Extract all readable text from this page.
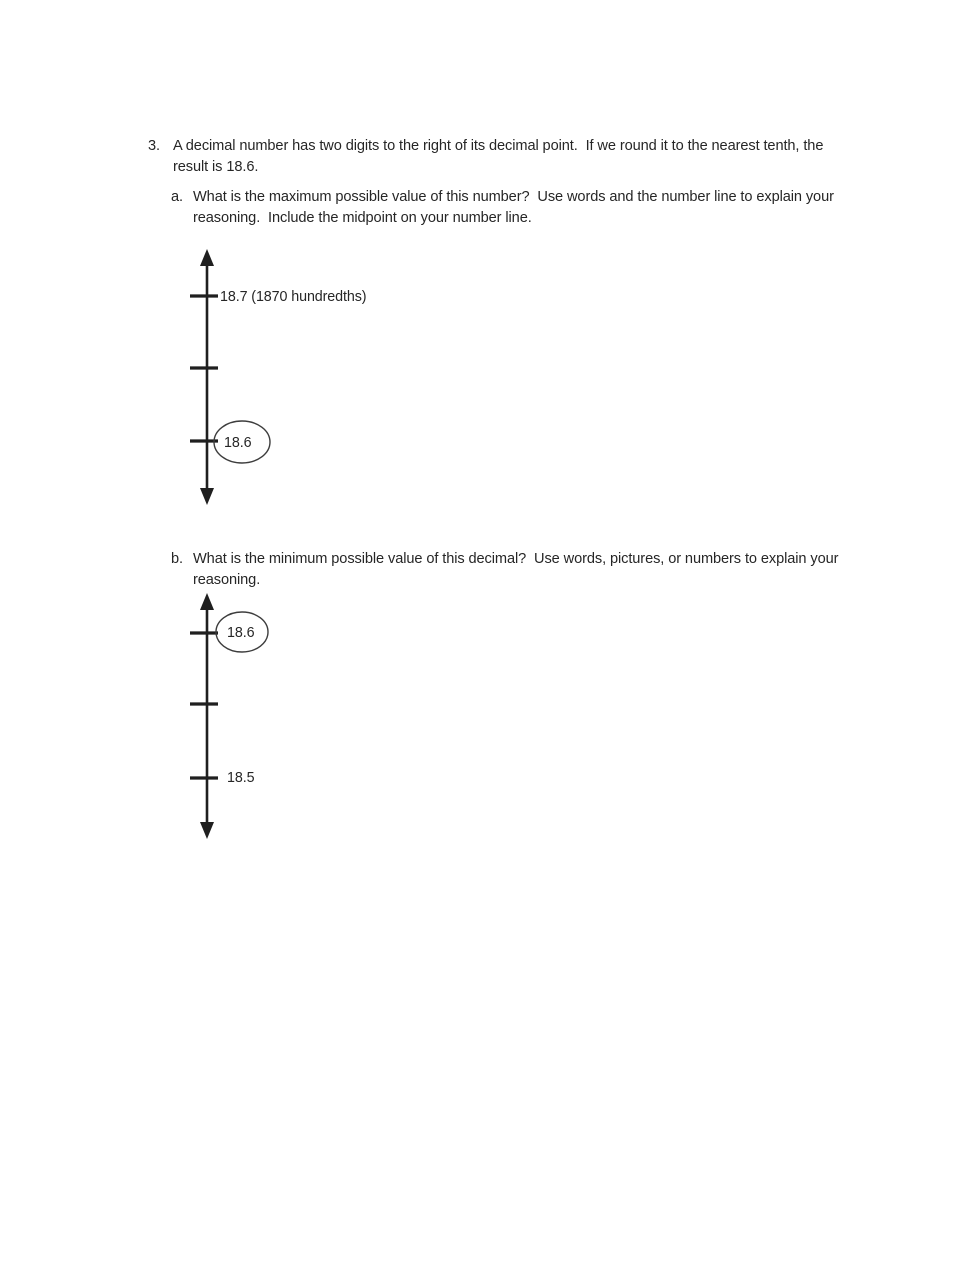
3. A decimal number has two digits to the right of its decimal point.  If we round it to the nearest tenth, the
result is 18.6.
a. What is the maximum possible value of this number?  Use words and the number line to explain your
reasoning.  Include the midpoint on your number line.
18.7 (1870 hundredths)
18.6
b. What is the minimum possible value of this decimal?  Use words, pictures, or numbers to explain your
reasoning.
18.6
18.5
